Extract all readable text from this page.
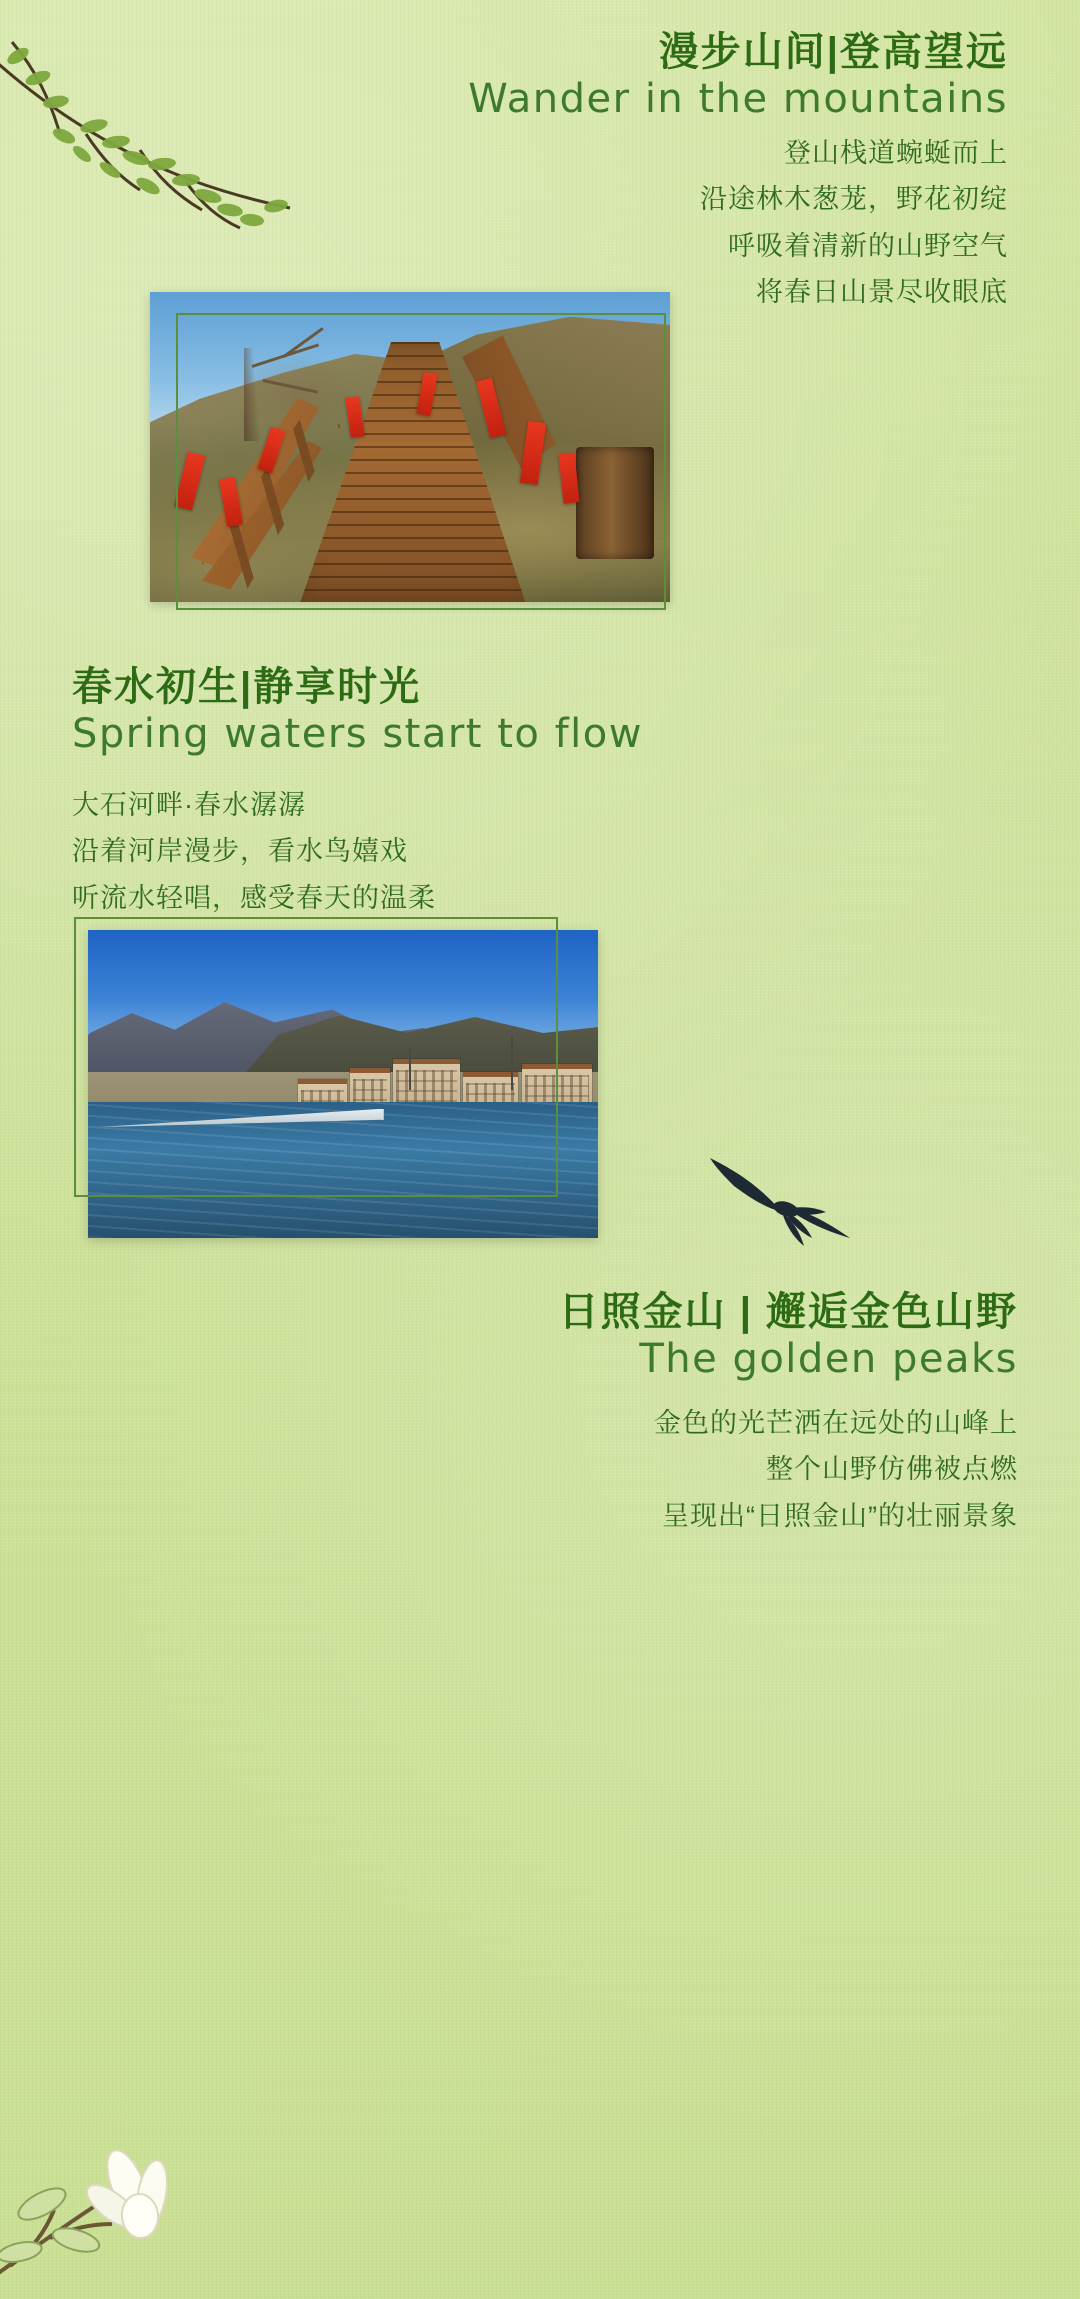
漫步山间|登高望远
Wander in the mountains
登山栈道蜿蜒而上
沿途林木葱茏，野花初绽
呼吸着清新的山野空气
将春日山景尽收眼底
春水初生|静享时光
Spring waters start to flow
大石河畔·春水潺潺
沿着河岸漫步，看水鸟嬉戏
听流水轻唱，感受春天的温柔
日照金山 | 邂逅金色山野
The golden peaks
金色的光芒洒在远处的山峰上
整个山野仿佛被点燃
呈现出“日照金山”的壮丽景象
